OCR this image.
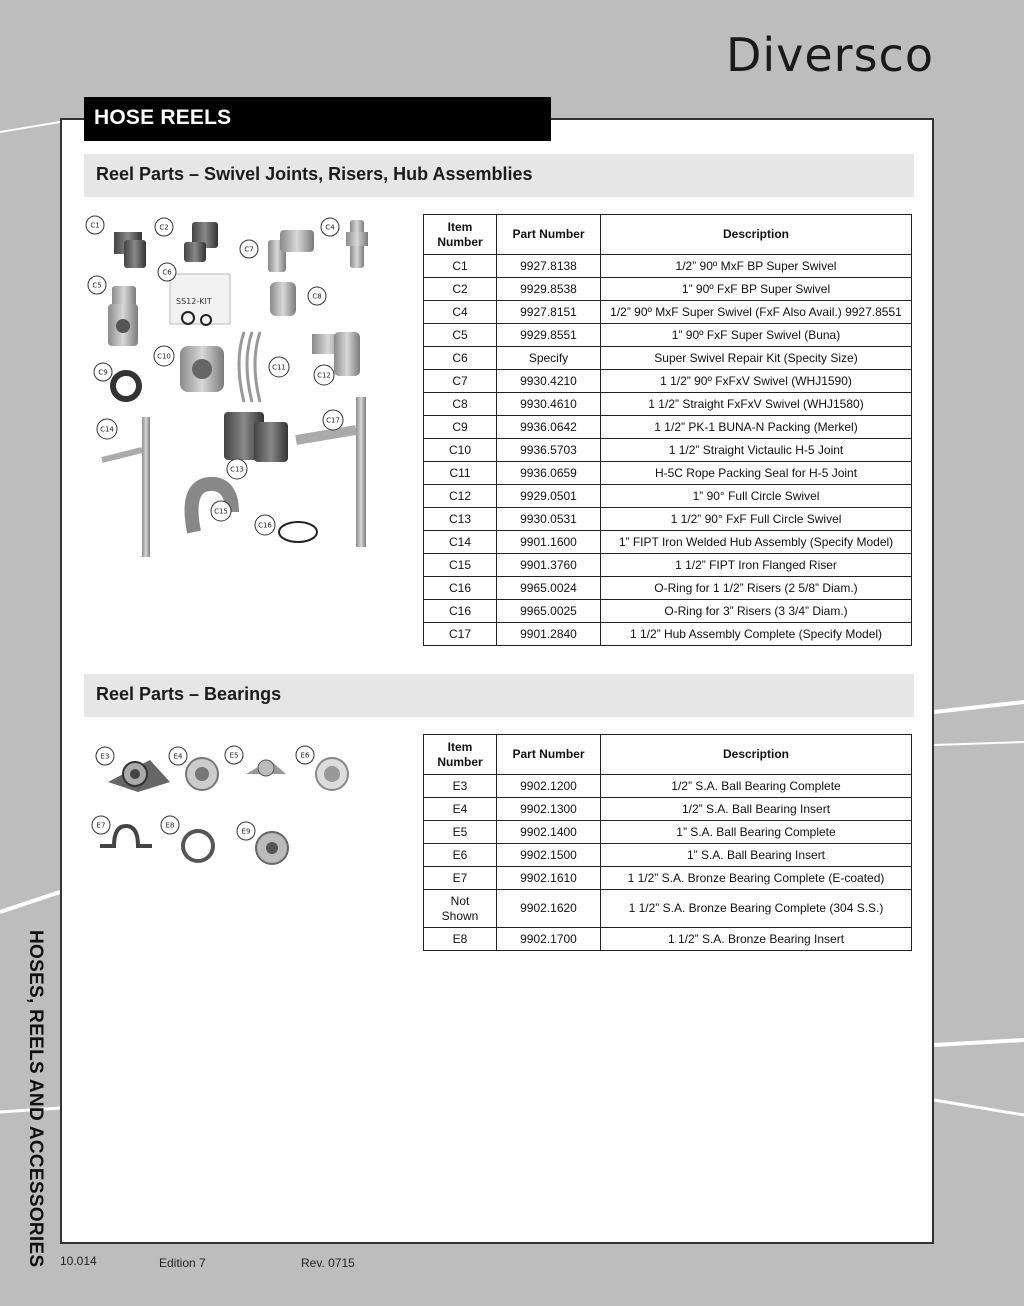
Diversco
HOSE REELS
Reel Parts – Swivel Joints, Risers, Hub Assemblies
SS12-KIT
C1	C2	C4
C5
C6
C7
C8
C9
C10
C11
C12
C13
C14
C15
C16
C17
Item Number	Part Number	Description
C1	9927.8138	1/2” 90º MxF BP Super Swivel
C2	9929.8538	1” 90º FxF BP Super Swivel
C4	9927.8151	1/2” 90º MxF Super Swivel (FxF Also Avail.) 9927.8551
C5	9929.8551	1” 90º FxF Super Swivel (Buna)
C6	Specify	Super Swivel Repair Kit (Specity Size)
C7	9930.4210	1 1/2” 90º FxFxV Swivel (WHJ1590)
C8	9930.4610	1 1/2” Straight FxFxV Swivel (WHJ1580)
C9	9936.0642	1 1/2” PK-1 BUNA-N Packing (Merkel)
C10	9936.5703	1 1/2” Straight Victaulic H-5 Joint
C11	9936.0659	H-5C Rope Packing Seal for H-5 Joint
C12	9929.0501	1” 90° Full Circle Swivel
C13	9930.0531	1 1/2” 90° FxF Full Circle Swivel
C14	9901.1600	1” FIPT Iron Welded Hub Assembly (Specify Model)
C15	9901.3760	1 1/2” FIPT Iron Flanged Riser
C16	9965.0024	O-Ring for 1 1/2” Risers (2 5/8” Diam.)
C16	9965.0025	O-Ring for 3” Risers (3 3/4” Diam.)
C17	9901.2840	1 1/2” Hub Assembly Complete (Specify Model)
Reel Parts – Bearings
E3	E4	E5	E6
E7	E8
E9
Item Number	Part Number	Description
E3	9902.1200	1/2” S.A. Ball Bearing Complete
E4	9902.1300	1/2” S.A. Ball Bearing Insert
E5	9902.1400	1” S.A. Ball Bearing Complete
E6	9902.1500	1” S.A. Ball Bearing Insert
E7	9902.1610	1 1/2” S.A. Bronze Bearing Complete (E-coated)
Not Shown	9902.1620	1 1/2” S.A. Bronze Bearing Complete (304 S.S.)
E8	9902.1700	1 1/2” S.A. Bronze Bearing Insert
HOSES, REELS AND ACCESSORIES 10.014	Edition 7	Rev. 0715
